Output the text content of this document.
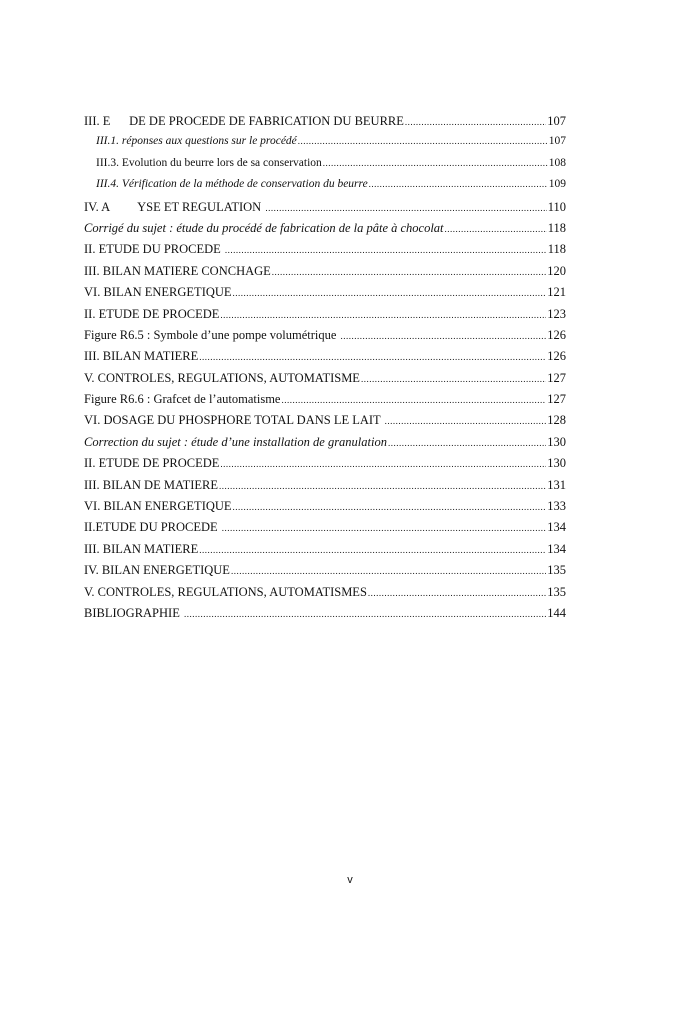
III. E      DE DE PROCEDE DE FABRICATION DU BEURRE .....	107
III.1. réponses aux questions sur le procédé .....	107
III.3. Evolution du beurre lors de sa conservation .....	108
III.4. Vérification de la méthode de conservation du beurre .....	109
IV. A         YSE ET REGULATION .....	110
Corrigé du sujet : étude du procédé de fabrication de la pâte à chocolat .....	118
II. ETUDE DU PROCEDE .....	118
III. BILAN MATIERE CONCHAGE .....	120
VI. BILAN ENERGETIQUE .....	121
II. ETUDE DE PROCEDE .....	123
Figure R6.5 : Symbole d’une pompe volumétrique .....	126
III. BILAN MATIERE .....	126
V. CONTROLES, REGULATIONS, AUTOMATISME .....	127
Figure R6.6 : Grafcet de l’automatisme .....	127
VI. DOSAGE DU PHOSPHORE TOTAL DANS LE LAIT .....	128
Correction du sujet : étude d’une installation de granulation .....	130
II. ETUDE DE PROCEDE .....	130
III. BILAN DE MATIERE .....	131
VI. BILAN ENERGETIQUE .....	133
II.ETUDE DU PROCEDE .....	134
III. BILAN MATIERE .....	134
IV. BILAN ENERGETIQUE .....	135
V. CONTROLES, REGULATIONS, AUTOMATISMES .....	135
BIBLIOGRAPHIE .....	144
v
